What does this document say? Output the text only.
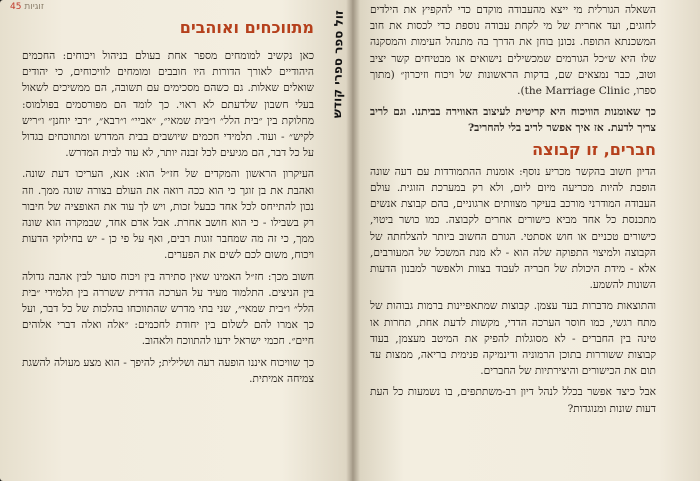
זוגיות 45
מתווכחים ואוהבים

כאן נקשיב למומחים מספר אחת בעולם בניהול ויכוחים: החכמים היהודיים לאורך הדורות היו חובבים ומומחים לוויכוחים, כי יהודים שואלים שאלות. גם כשהם מסכימים עם תשובה, הם ממשיכים לשאול בעלי חשבון שלדעתם לא ראוי. כך לומד הם מפורסמים בפולמוס: מחלוקת בין ״בית הלל״ ו״בית שמאי״, ״אביי״ ו״רבא״, ״רבי יוחנן״ ו״ריש לקיש״ - ועוד. תלמידי חכמים שיושבים בבית המדרש ומתווכחים בגדול על כל דבר, הם מגיעים לכל זבנה יותר, לא עוד לבית המדרש.

העיקרון הראשון והמקדים של חז״ל הוא: אנא, העריכו דעת שונה. ואהבת את בן זוגך כי הוא ככה רואה את העולם בצורה שונה ממך. וזה נכון להתייחס לכל אחד כבעל זכות, ויש לך עוד את האופציה של חיבור רק בשבילו - כי הוא חושב אחרת. אבל אדם אחד, שבמקרה הוא שונה ממך, כי זה מה שמחבר זוגות רבים, ואף על פי כן - יש בחילוקי הדעות ויכוח, משום לכם לשים את הפערים.

חשוב מכך: חז״ל האמינו שאין סתירה בין ויכוח סוער לבין אהבה גדולה בין הניצים. התלמוד מעיד על הערכה הדדית ששררה בין תלמידי ״בית הלל״ ו״בית שמאי״, שני בתי מדרש שהתווכחו בהלכות של כל דבר, ועל כך אמרו להם לשלום בין יחודת לחכמים: ״אלה ואלה דברי אלוהים חיים״. חכמי ישראל ידעו להתווכח ולאהוב.

כך שוויכוח איננו הופעה רעה ושלילית; להיפך - הוא מצע מעולה להשגת צמיחה אמיתית.

השאלה הגורלית מי ייצא מהעבודה מוקדם כדי להקפיץ את הילדים לחוגים, ועד אחרית של מי לקחת עבודה נוספת כדי לכסות את חוב המשכנתא התופח. נכונן בוחן את הדרך בה מתנהל העימות והמסקנה שלו היא ש״כל הגורמים שמכשילים נישואים או מבטיחים קשר יציב וטוב, כבר נמצאים שם, בדקות הראשונות של ויכוח וזיכרון״ (מתוך ספרו, the Marriage Clinic).

כך שאומנות הוויכוח היא קריטית לעיצוב האווירה בביתנו. וגם לריב צריך לדעת. אז איך אפשר לריב בלי להחריב?

חברים, זו קבוצה

הדיון חשוב בהקשר מכריע נוסף: אומנות ההתמודדות עם דעה שונה הופכת להיות מכריעה מיום ליום, ולא רק במערכת הזוגית. עולם העבודה המודרני מורכב בעיקר מצוותים ארגוניים, בהם קבוצת אנשים מתכנסת כל אחד מביא כישורים אחרים לקבוצה. כמו כושר ביטוי, כישורים טכניים או חוש אסתטי. הגורם החשוב ביותר להצלחתה של הקבוצה ולמיצוי התפוקה שלה הוא - לא מנת המשכל של המעורבים, אלא - מידת היכולת של חבריה לעבוד בצוות ולאפשר למבנון הדעות השונות להשמע.

והתוצאות מדברות בעד עצמן. קבוצות שמתאפיינות ברמות גבוהות של מתח רגשי, כמו חוסר הערכה הדדי, מקשות לדעת אחת, תחרות או טינה בין החברים - לא מסוגלות להפיק את המיטב מעצמן, בעוד קבוצות ששוררות בתוכן הרמוניה ודינמיקה פנימית בריאה, ממצות עד תום את הכישורים והיצירתיות של החברים.

אבל כיצד אפשר בכלל לנהל דיון רב-משתתפים, בו נשמעות כל העת דעות שונות ומנוגדות?

זול ספר ספרי קודש
